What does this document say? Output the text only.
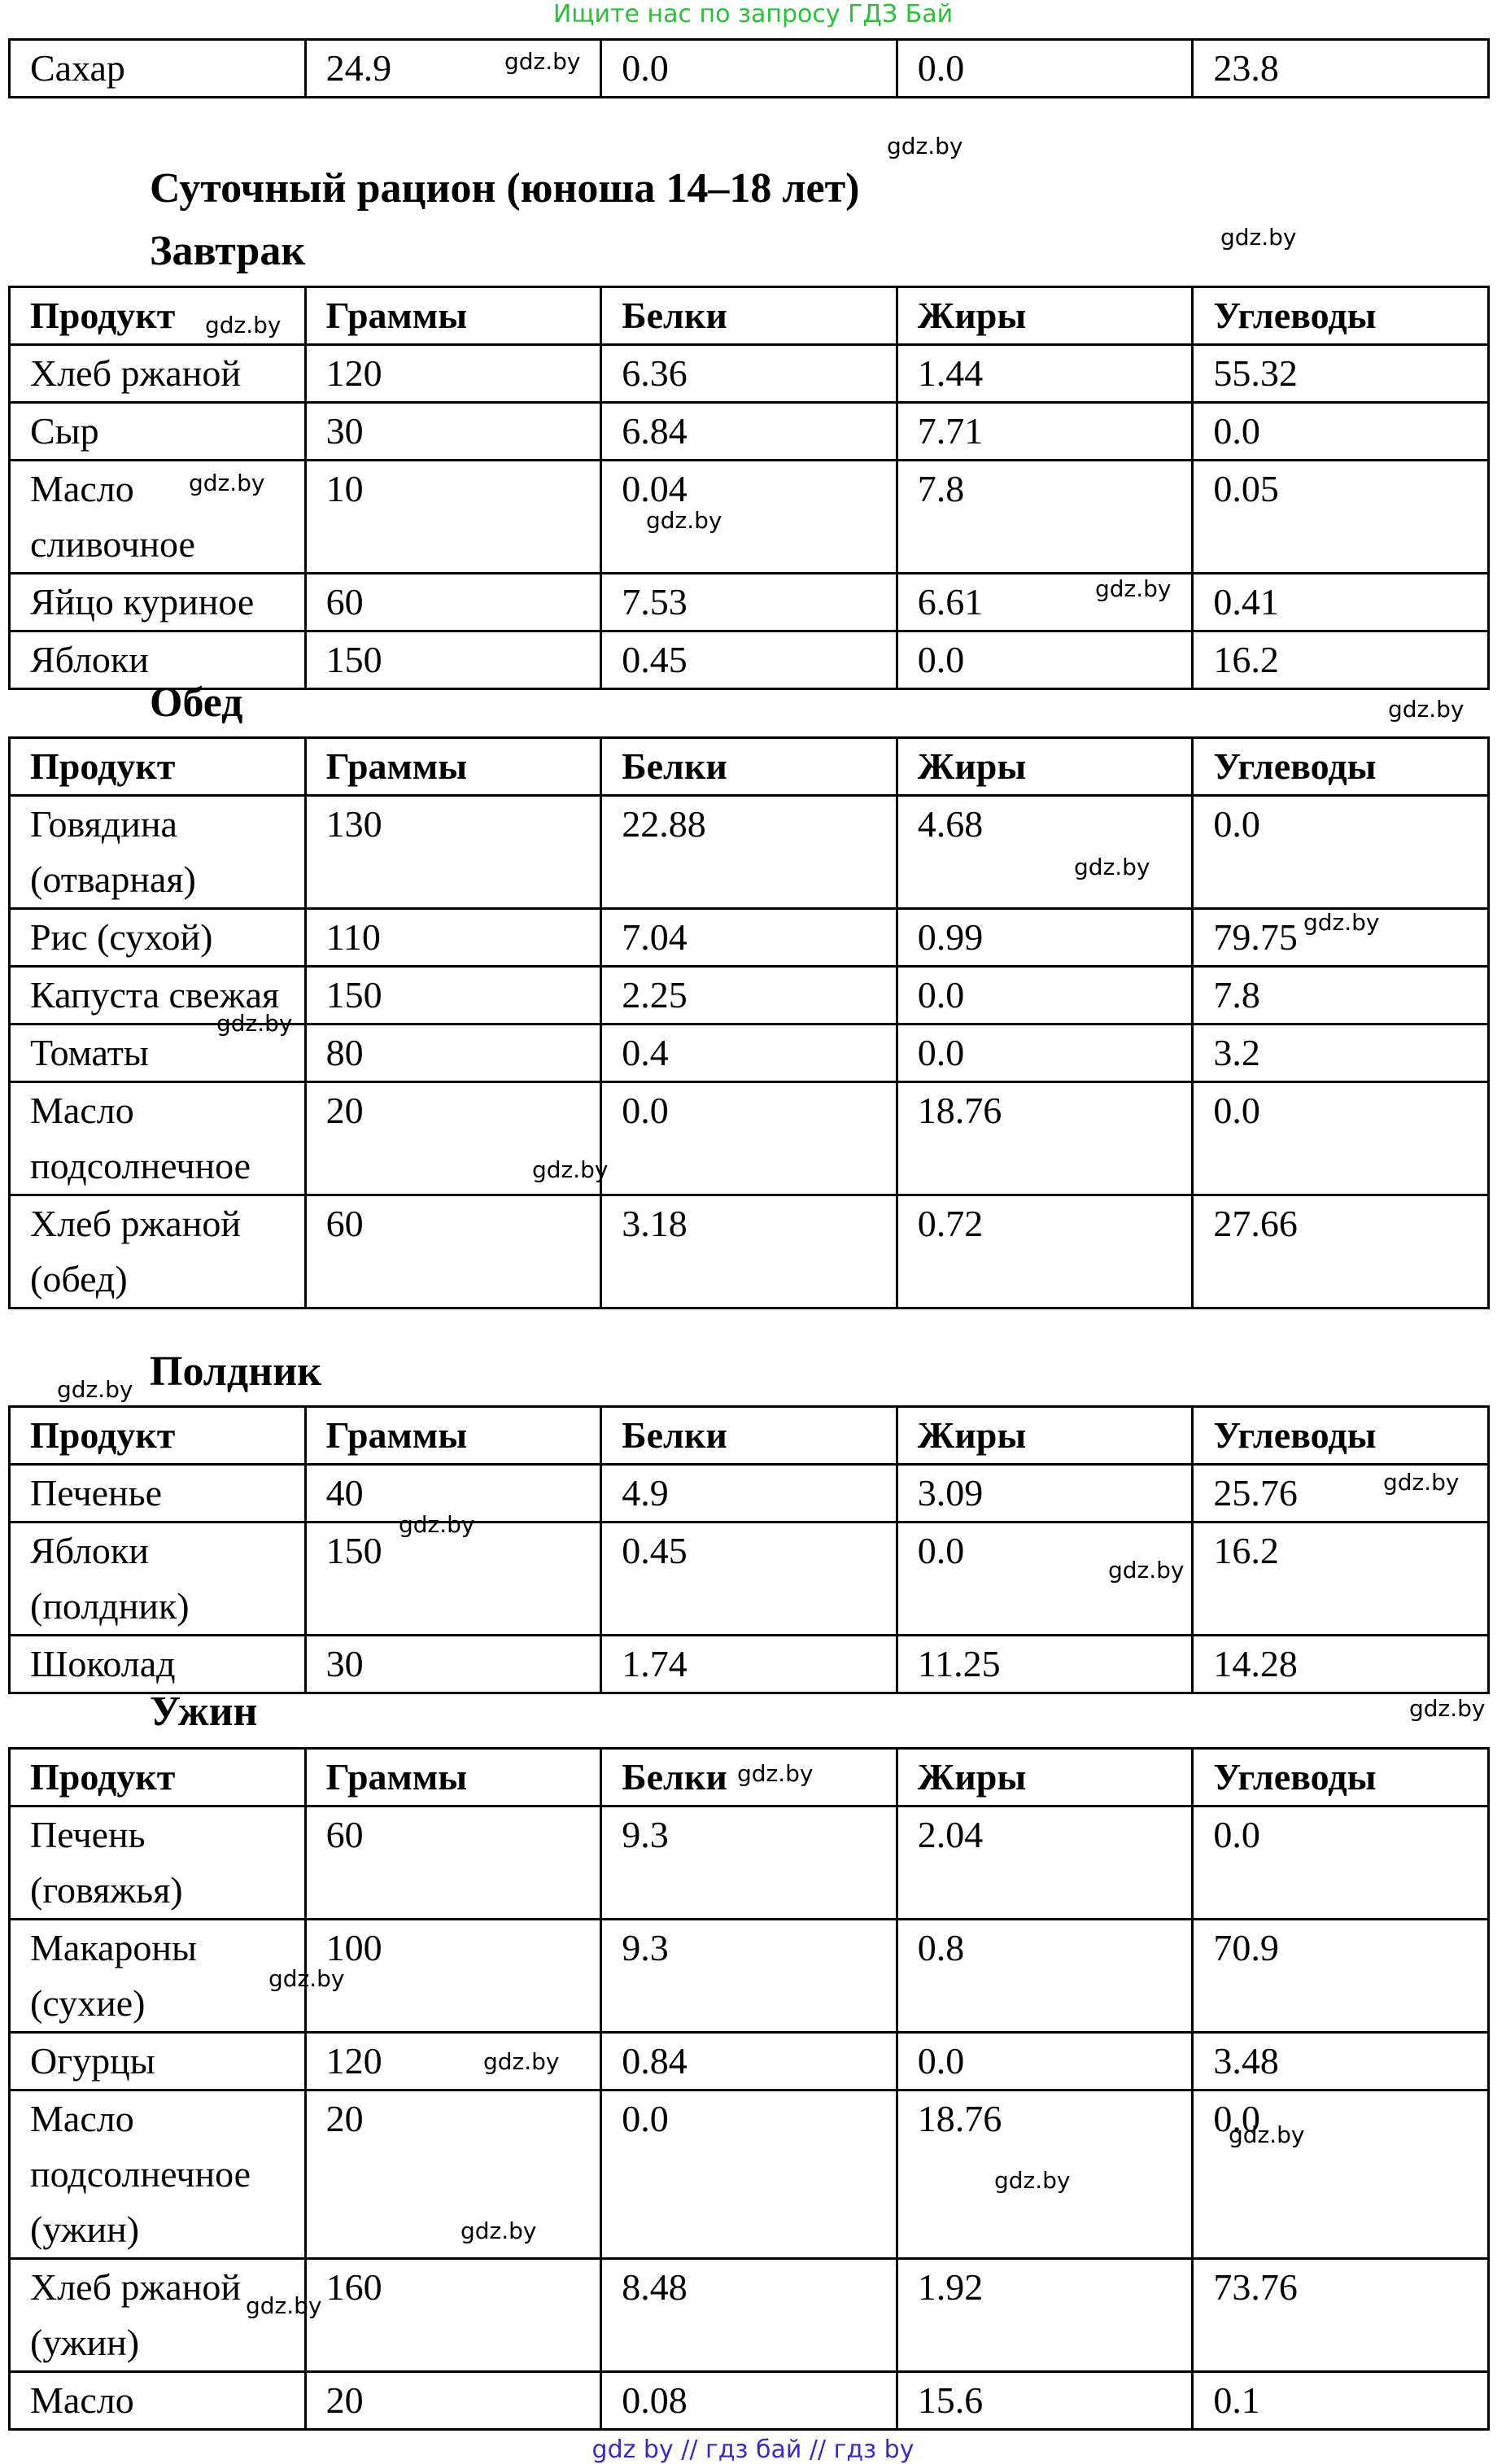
Ищите нас по запросу ГДЗ Бай
Сахар	24.9	0.0	0.0	23.8
Суточный рацион (юноша 14–18 лет)
Завтрак
Продукт	Граммы	Белки	Жиры	Углеводы
Хлеб ржаной	120	6.36	1.44	55.32
Сыр	30	6.84	7.71	0.0
Масло сливочное	10	0.04	7.8	0.05
Яйцо куриное	60	7.53	6.61	0.41
Яблоки	150	0.45	0.0	16.2
Обед
Продукт	Граммы	Белки	Жиры	Углеводы
Говядина (отварная)	130	22.88	4.68	0.0
Рис (сухой)	110	7.04	0.99	79.75
Капуста свежая	150	2.25	0.0	7.8
Томаты	80	0.4	0.0	3.2
Масло подсолнечное	20	0.0	18.76	0.0
Хлеб ржаной (обед)	60	3.18	0.72	27.66
Полдник
Продукт	Граммы	Белки	Жиры	Углеводы
Печенье	40	4.9	3.09	25.76
Яблоки (полдник)	150	0.45	0.0	16.2
Шоколад	30	1.74	11.25	14.28
Ужин
Продукт	Граммы	Белки	Жиры	Углеводы
Печень (говяжья)	60	9.3	2.04	0.0
Макароны (сухие)	100	9.3	0.8	70.9
Огурцы	120	0.84	0.0	3.48
Масло подсолнечное (ужин)	20	0.0	18.76	0.0
Хлеб ржаной (ужин)	160	8.48	1.92	73.76
Масло	20	0.08	15.6	0.1
gdz.by
gdz.by
gdz.by
gdz.by
gdz.by
gdz.by
gdz.by
gdz.by
gdz.by
gdz.by
gdz.by
gdz.by
gdz.by
gdz.by
gdz.by
gdz.by
gdz.by
gdz.by
gdz.by
gdz.by
gdz.by
gdz.by
gdz.by
gdz.by
gdz by // гдз бай // гдз by
